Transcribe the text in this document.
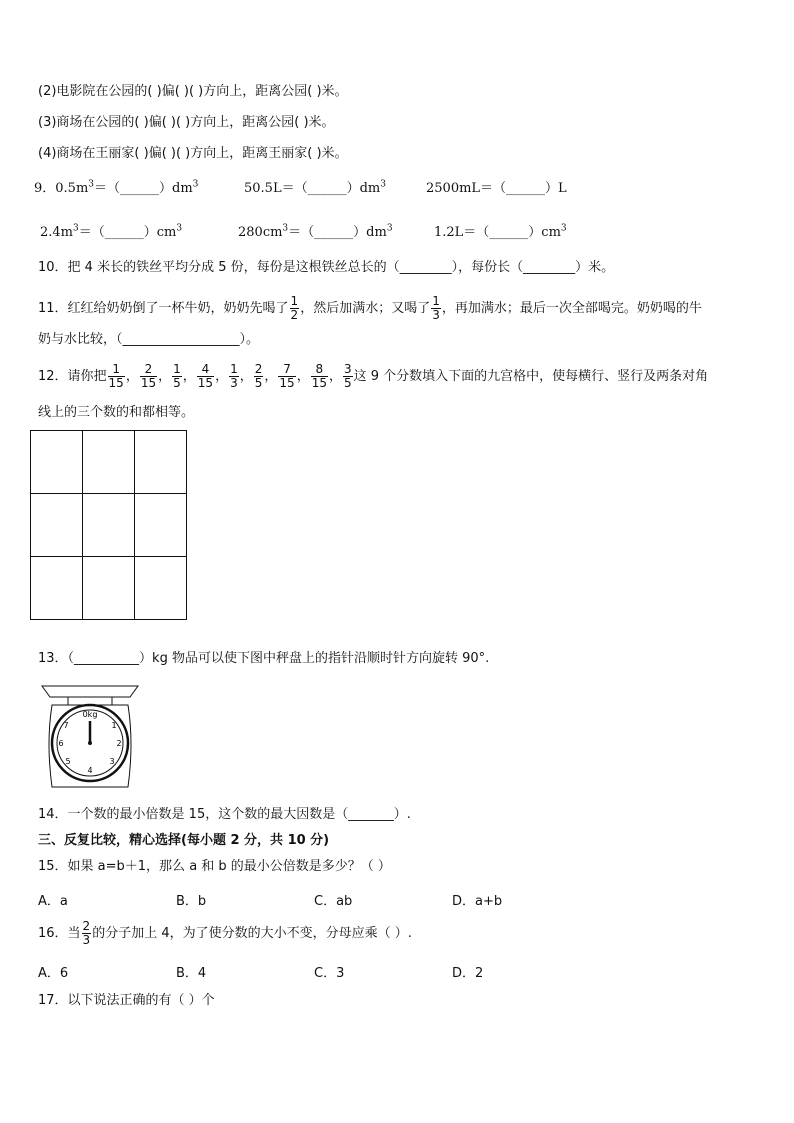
(2)电影院在公园的( )偏( )( )方向上，距离公园( )米。
(3)商场在公园的( )偏( )( )方向上，距离公园( )米。
(4)商场在王丽家( )偏( )( )方向上，距离王丽家( )米。
9．$0.5m^3=(\_\_\_\_\_\_)dm^3$	$50.5L=(\_\_\_\_\_\_)dm^3$	2500mL＝（______）L
$2.4m^3=(\_\_\_\_\_\_)cm^3$	$280cm^3=(\_\_\_\_\_\_)dm^3$	$1.2L=(\_\_\_\_\_\_)cm^3$
10．把 4 米长的铁丝平均分成 5 份，每份是这根铁丝总长的（________），每份长（________）米。
11．红红给奶奶倒了一杯牛奶，奶奶先喝了 $\frac{1}{2}$ ，然后加满水；又喝了 $\frac{1}{3}$ ，再加满水；最后一次全部喝完。奶奶喝的牛
奶与水比较，（__________________）。
12．请你把 $\frac{1}{15}$ ， $\frac{2}{15}$ ， $\frac{1}{5}$ ， $\frac{4}{15}$ ， $\frac{1}{3}$ ， $\frac{2}{5}$ ， $\frac{7}{15}$ ， $\frac{8}{15}$ ， $\frac{3}{5}$ 这 9 个分数填入下面的九宫格中，使每横行、竖行及两条对角
线上的三个数的和都相等。

13．（__________）kg 物品可以使下图中秤盘上的指针沿顺时针方向旋转 90°.
0kg
1
2
3
4
5
6
7
14．一个数的最小倍数是 15，这个数的最大因数是（_______）.
三、反复比较，精心选择(每小题 2 分，共 10 分)
15．如果 a=b＋1，那么 a 和 b 的最小公倍数是多少？（ ）
A．a	B．b	C．ab	D．a+b
16．当 $\frac{2}{3}$ 的分子加上 4，为了使分数的大小不变，分母应乘（ ）.
A．6	B．4	C．3	D．2
17．以下说法正确的有（ ）个
